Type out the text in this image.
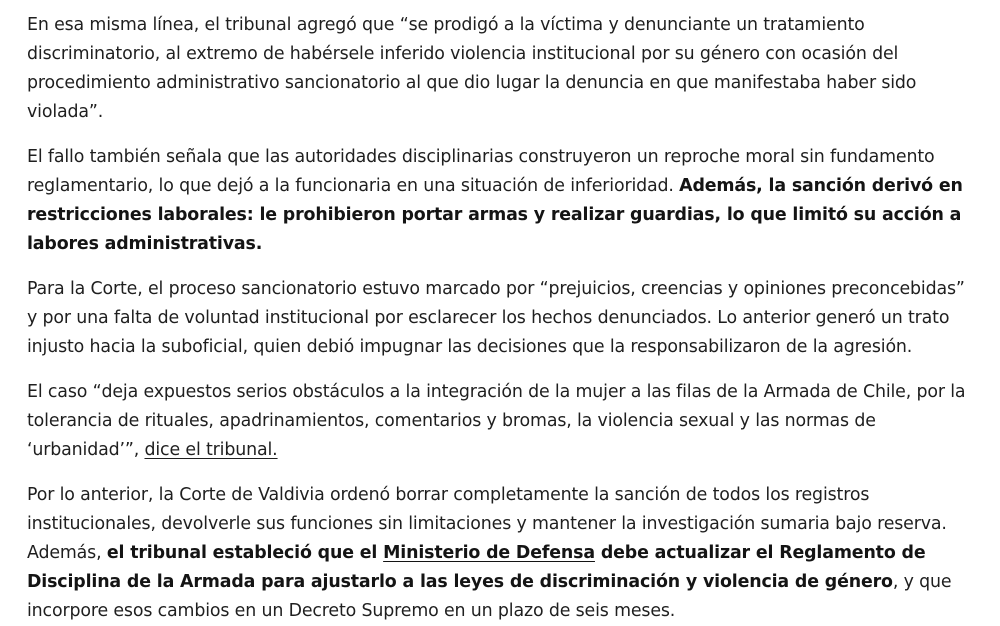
En esa misma línea, el tribunal agregó que “se prodigó a la víctima y denunciante un tratamiento discriminatorio, al extremo de habérsele inferido violencia institucional por su género con ocasión del procedimiento administrativo sancionatorio al que dio lugar la denuncia en que manifestaba haber sido violada”.

El fallo también señala que las autoridades disciplinarias construyeron un reproche moral sin fundamento reglamentario, lo que dejó a la funcionaria en una situación de inferioridad. Además, la sanción derivó en restricciones laborales: le prohibieron portar armas y realizar guardias, lo que limitó su acción a labores administrativas.

Para la Corte, el proceso sancionatorio estuvo marcado por “prejuicios, creencias y opiniones preconcebidas” y por una falta de voluntad institucional por esclarecer los hechos denunciados. Lo anterior generó un trato injusto hacia la suboficial, quien debió impugnar las decisiones que la responsabilizaron de la agresión.

El caso “deja expuestos serios obstáculos a la integración de la mujer a las filas de la Armada de Chile, por la tolerancia de rituales, apadrinamientos, comentarios y bromas, la violencia sexual y las normas de ‘urbanidad’”, dice el tribunal.

Por lo anterior, la Corte de Valdivia ordenó borrar completamente la sanción de todos los registros institucionales, devolverle sus funciones sin limitaciones y mantener la investigación sumaria bajo reserva. Además, el tribunal estableció que el Ministerio de Defensa debe actualizar el Reglamento de Disciplina de la Armada para ajustarlo a las leyes de discriminación y violencia de género, y que incorpore esos cambios en un Decreto Supremo en un plazo de seis meses.
